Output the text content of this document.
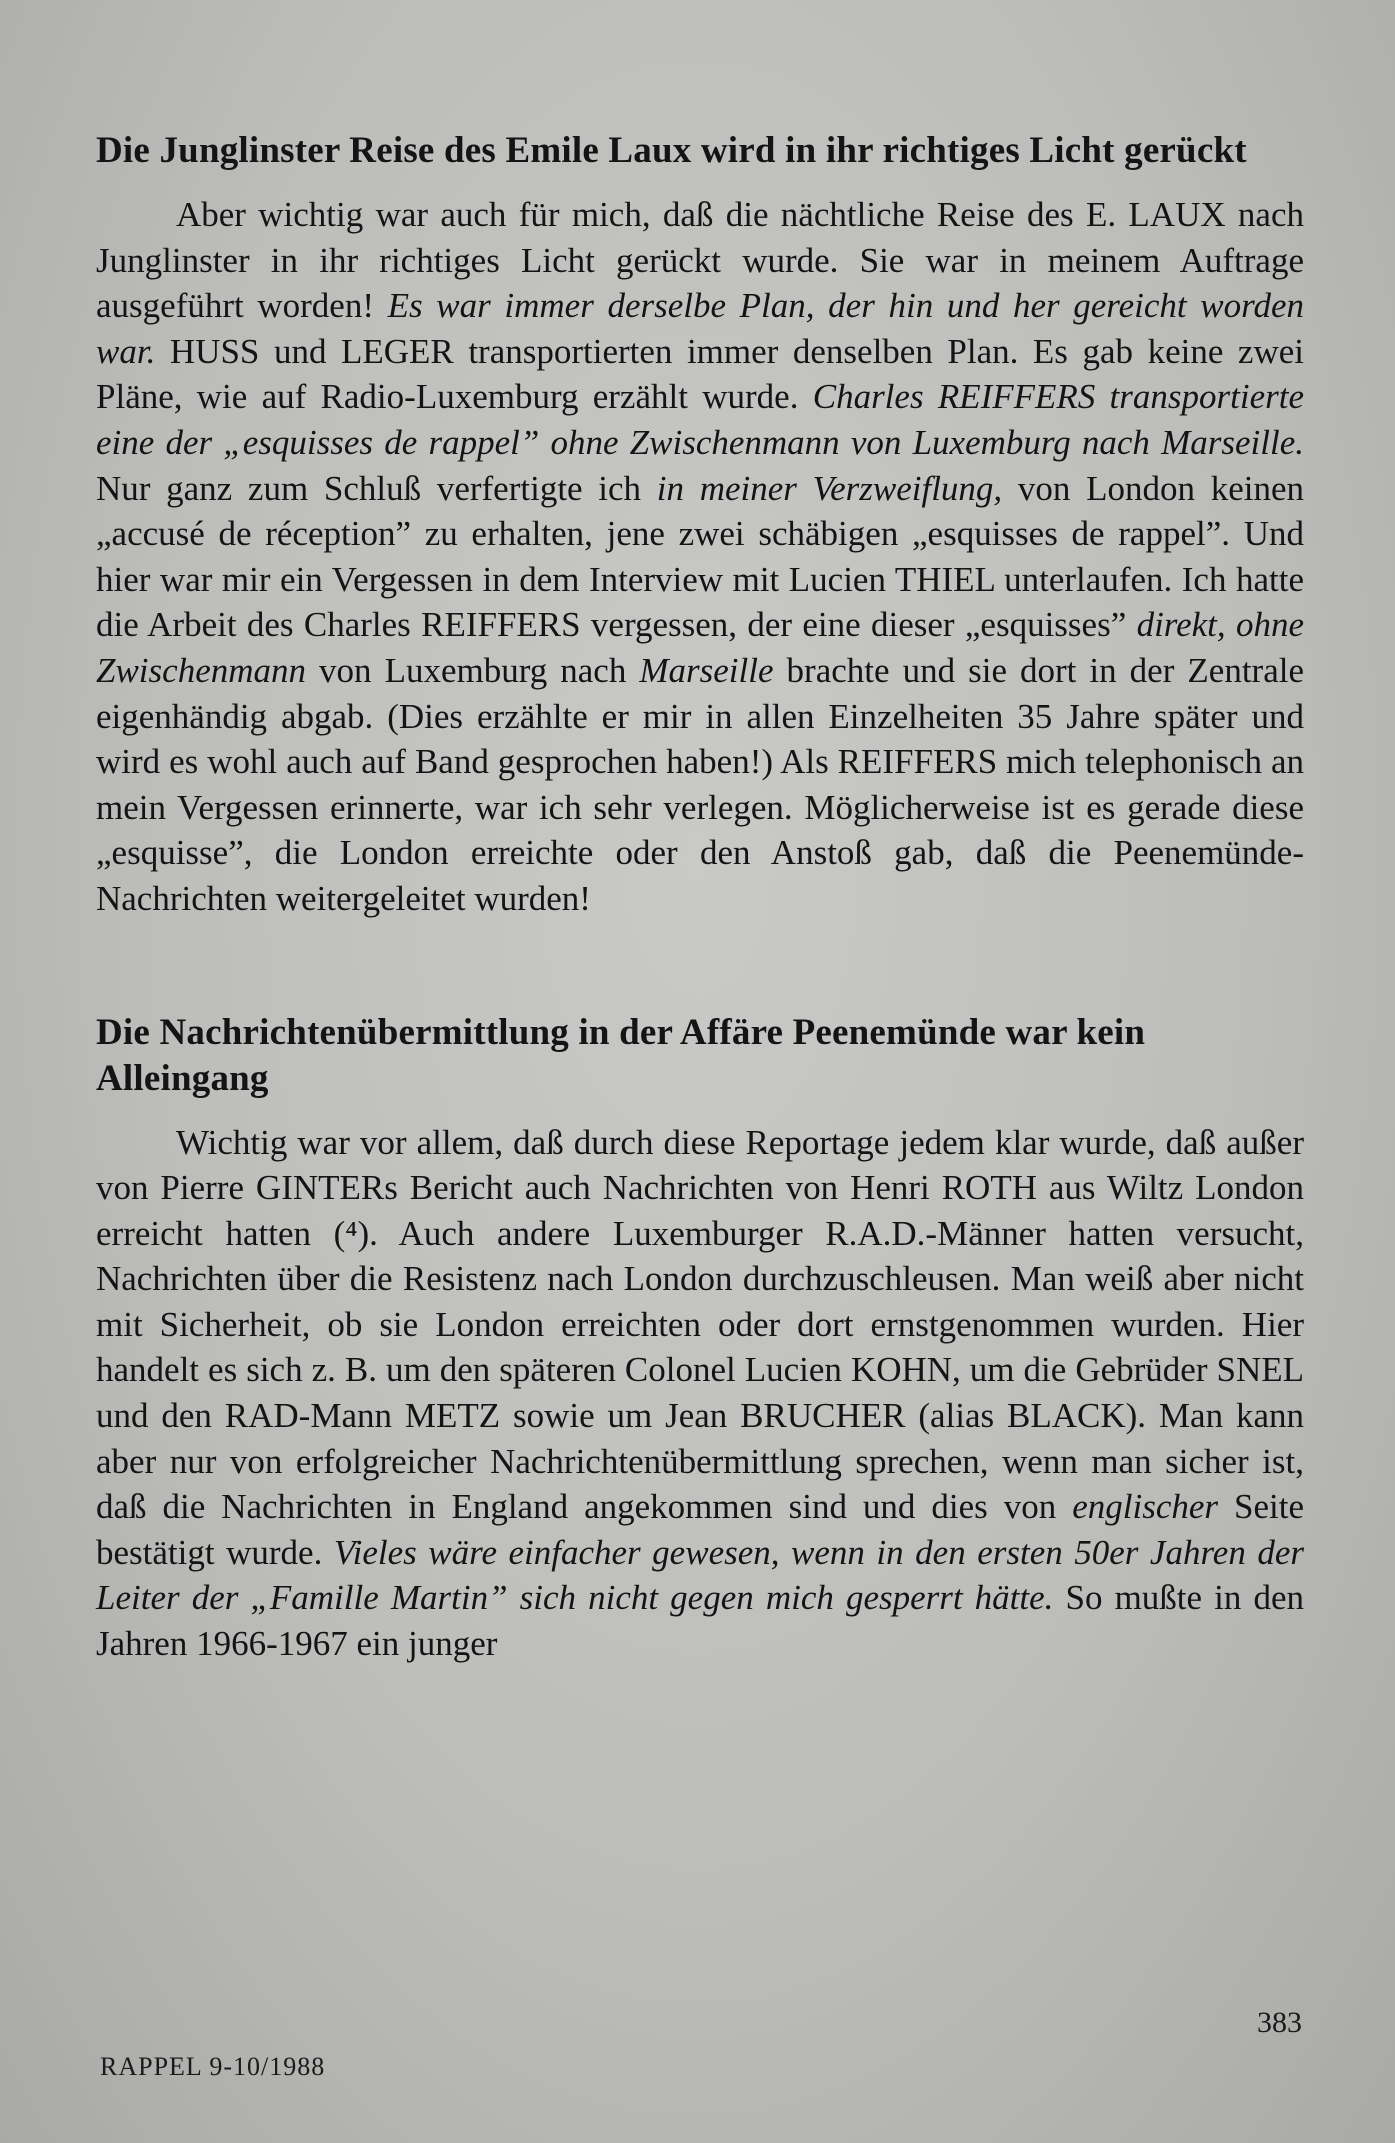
Die Junglinster Reise des Emile Laux wird in ihr richtiges Licht gerückt

Aber wichtig war auch für mich, daß die nächtliche Reise des E. LAUX nach Junglinster in ihr richtiges Licht gerückt wurde. Sie war in meinem Auftrage ausgeführt worden! Es war immer derselbe Plan, der hin und her gereicht worden war. HUSS und LEGER transportierten immer denselben Plan. Es gab keine zwei Pläne, wie auf Radio-Luxemburg erzählt wurde. Charles REIFFERS transportierte eine der „esquisses de rappel” ohne Zwischenmann von Luxemburg nach Marseille. Nur ganz zum Schluß verfertigte ich in meiner Verzweiflung, von London keinen „accusé de réception” zu erhalten, jene zwei schäbigen „esquisses de rappel”. Und hier war mir ein Vergessen in dem Interview mit Lucien THIEL unterlaufen. Ich hatte die Arbeit des Charles REIFFERS vergessen, der eine dieser „esquisses” direkt, ohne Zwischenmann von Luxemburg nach Marseille brachte und sie dort in der Zentrale eigenhändig abgab. (Dies erzählte er mir in allen Einzelheiten 35 Jahre später und wird es wohl auch auf Band gesprochen haben!) Als REIFFERS mich telephonisch an mein Vergessen erinnerte, war ich sehr verlegen. Möglicherweise ist es gerade diese „esquisse”, die London erreichte oder den Anstoß gab, daß die Peenemünde-Nachrichten weitergeleitet wurden!

Die Nachrichtenübermittlung in der Affäre Peenemünde war kein Alleingang

Wichtig war vor allem, daß durch diese Reportage jedem klar wurde, daß außer von Pierre GINTERs Bericht auch Nachrichten von Henri ROTH aus Wiltz London erreicht hatten (⁴). Auch andere Luxemburger R.A.D.-Männer hatten versucht, Nachrichten über die Resistenz nach London durchzuschleusen. Man weiß aber nicht mit Sicherheit, ob sie London erreichten oder dort ernstgenommen wurden. Hier handelt es sich z. B. um den späteren Colonel Lucien KOHN, um die Gebrüder SNEL und den RAD-Mann METZ sowie um Jean BRUCHER (alias BLACK). Man kann aber nur von erfolgreicher Nachrichtenübermittlung sprechen, wenn man sicher ist, daß die Nachrichten in England angekommen sind und dies von englischer Seite bestätigt wurde. Vieles wäre einfacher gewesen, wenn in den ersten 50er Jahren der Leiter der „Famille Martin” sich nicht gegen mich gesperrt hätte. So mußte in den Jahren 1966-1967 ein junger

383
RAPPEL 9-10/1988
